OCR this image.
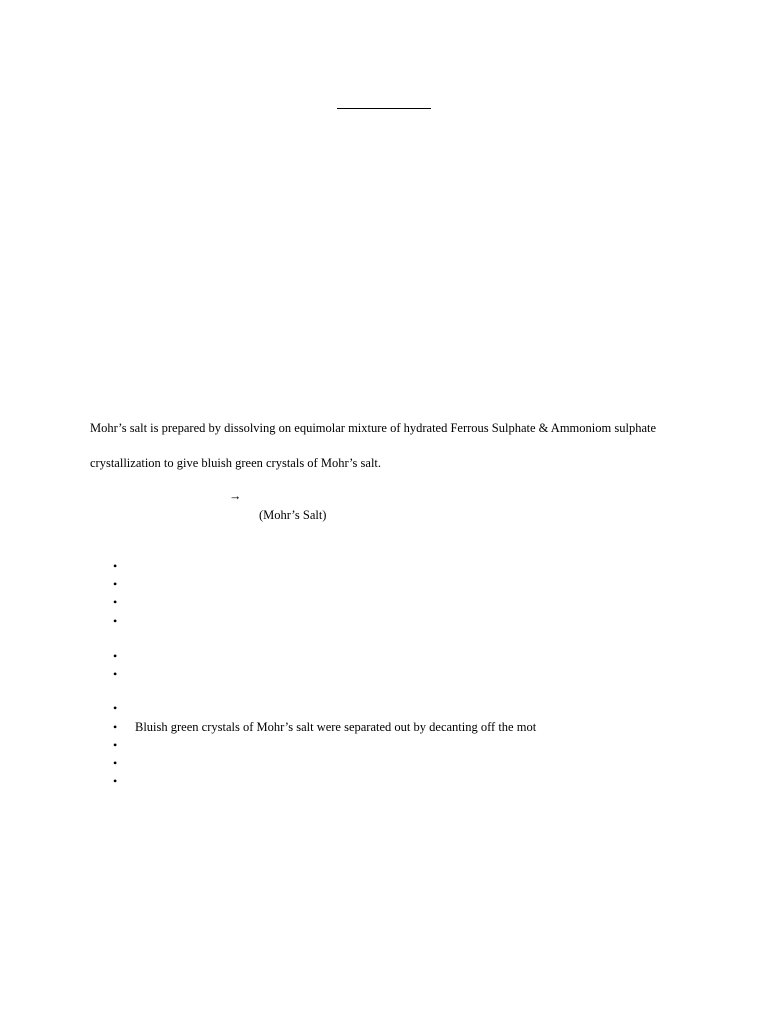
Mohr’s salt is prepared by dissolving on equimolar mixture of hydrated Ferrous Sulphate & Ammoniom sulphate
crystallization to give bluish green crystals of Mohr’s salt.
→
(Mohr’s Salt)
•
•
•
•
•
•
•
• Bluish green crystals of Mohr’s salt were separated out by decanting off the mot
•
•
•
